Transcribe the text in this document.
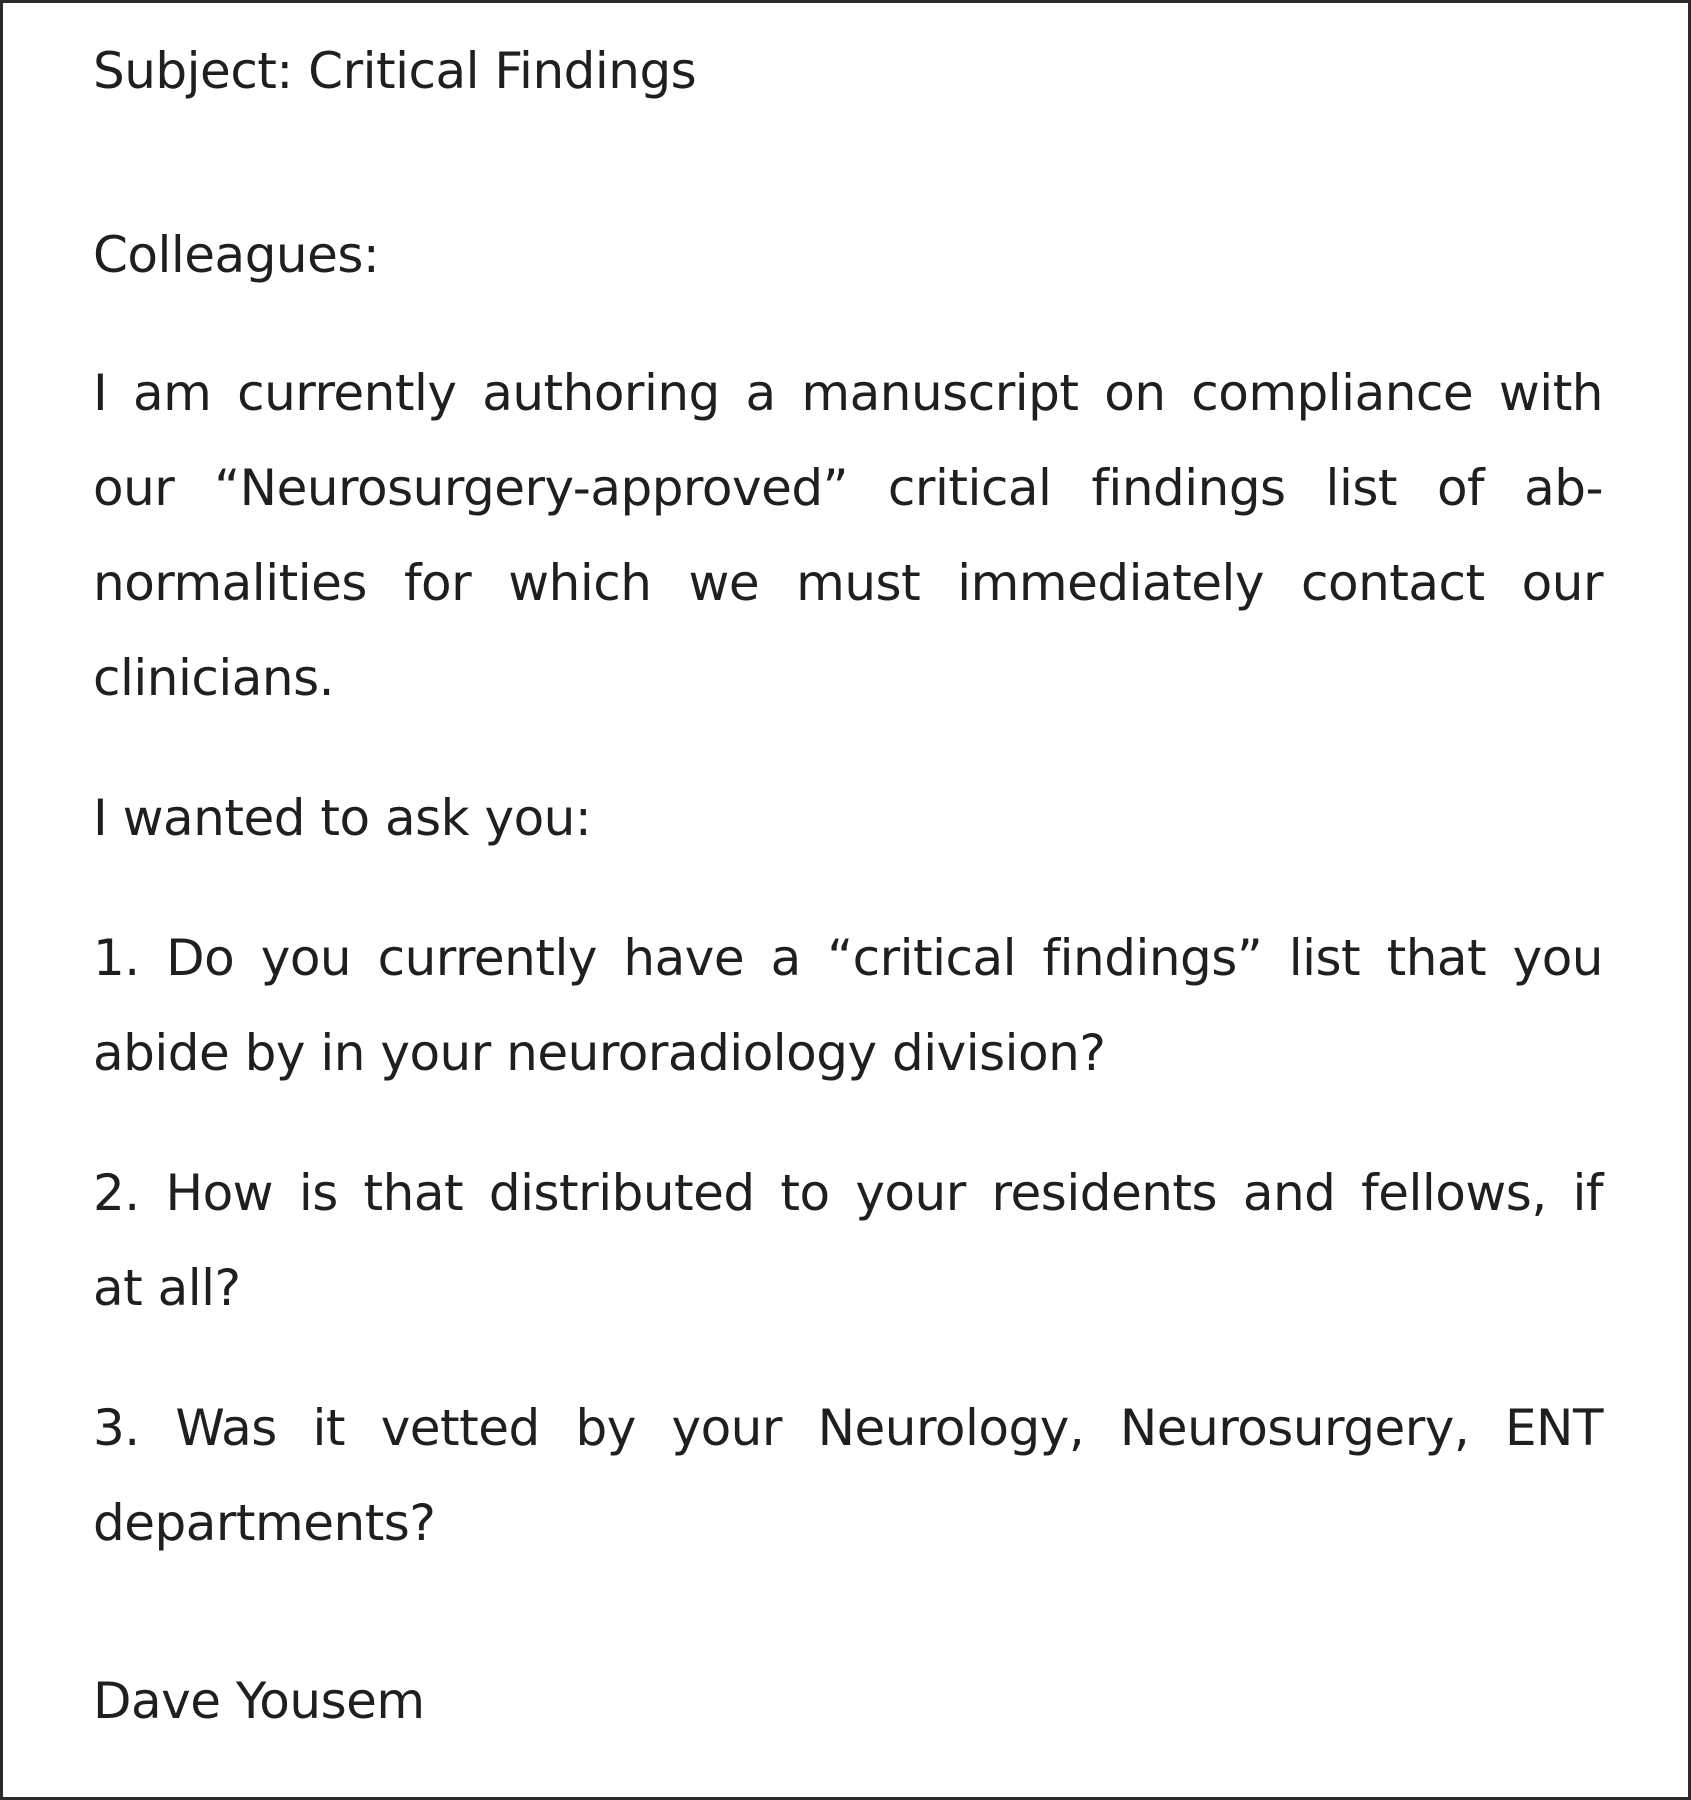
Subject: Critical Findings
Colleagues:
I am currently authoring a manuscript on compliance with
our “Neurosurgery-approved” critical findings list of ab-
normalities for which we must immediately contact our
clinicians.
I wanted to ask you:
1. Do you currently have a “critical findings” list that you
abide by in your neuroradiology division?
2. How is that distributed to your residents and fellows, if
at all?
3. Was it vetted by your Neurology, Neurosurgery, ENT
departments?
Dave Yousem
